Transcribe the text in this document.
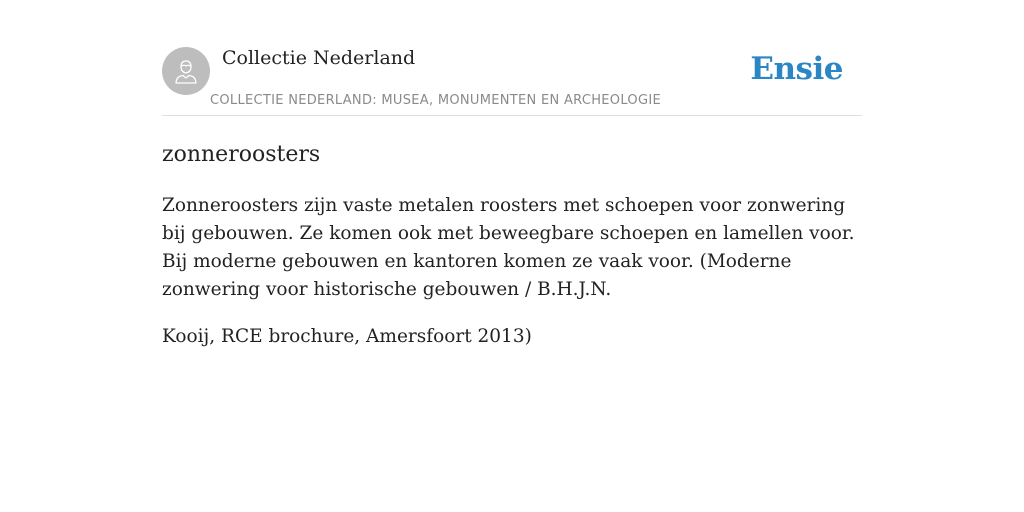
Collectie Nederland
COLLECTIE NEDERLAND: MUSEA, MONUMENTEN EN ARCHEOLOGIE
Ensie
zonneroosters

Zonneroosters zijn vaste metalen roosters met schoepen voor zonwering bij gebouwen. Ze komen ook met beweegbare schoepen en lamellen voor. Bij moderne gebouwen en kantoren komen ze vaak voor. (Moderne zonwering voor historische gebouwen / B.H.J.N.

Kooij, RCE brochure, Amersfoort 2013)
